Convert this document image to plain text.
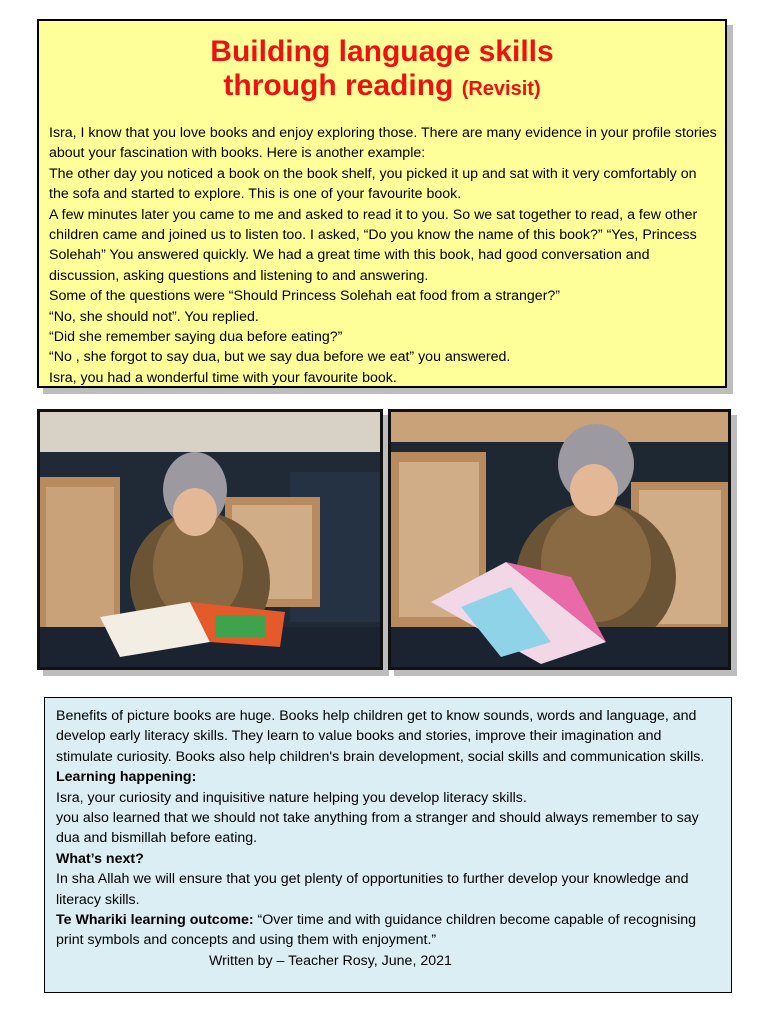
Building language skills
through reading (Revisit)

Isra, I know that you love books and enjoy exploring those. There are many evidence in your profile stories about your fascination with books. Here is another example:

The other day you noticed a book on the book shelf, you picked it up and sat with it very comfortably on the sofa and started to explore. This is one of your favourite book.

A few minutes later you came to me and asked to read it to you. So we sat together to read, a few other children came and joined us to listen too. I asked, “Do you know the name of this book?” “Yes, Princess Solehah” You answered quickly. We had a great time with this book, had good conversation and discussion, asking questions and listening to and answering.

Some of the questions were “Should Princess Solehah eat food from a stranger?”

“No, she should not”. You replied.

“Did she remember saying dua before eating?”

“No , she forgot to say dua, but we say dua before we eat” you answered.

Isra, you had a wonderful time with your favourite book.

Benefits of picture books are huge. Books help children get to know sounds, words and language, and develop early literacy skills. They learn to value books and stories, improve their imagination and stimulate curiosity. Books also help children's brain development, social skills and communication skills.

Learning happening:

Isra, your curiosity and inquisitive nature helping you develop literacy skills.

you also learned that we should not take anything from a stranger and should always remember to say dua and bismillah before eating.

What’s next?

In sha Allah we will ensure that you get plenty of opportunities to further develop your knowledge and literacy skills.

Te Whariki learning outcome: “Over time and with guidance children become capable of recognising print symbols and concepts and using them with enjoyment.”

Written by – Teacher Rosy, June, 2021
